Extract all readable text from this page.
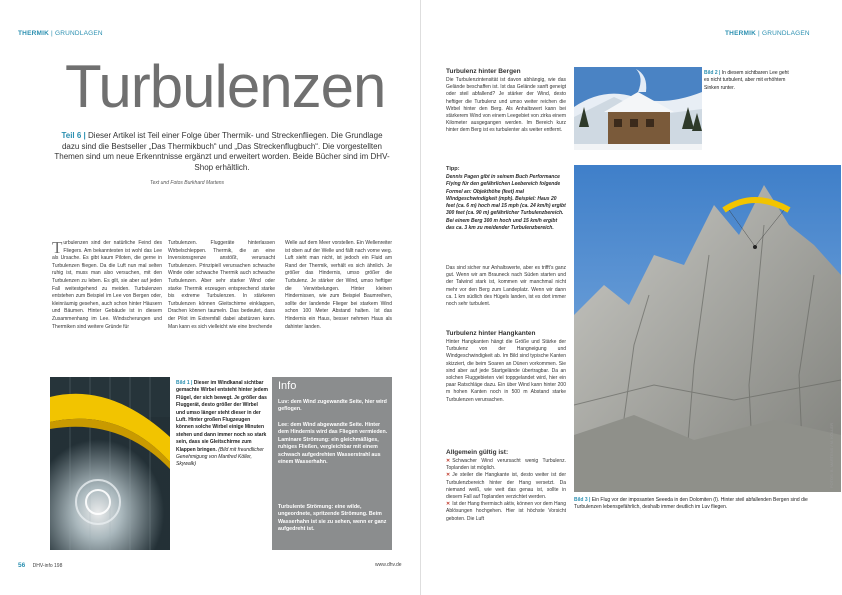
THERMIK | GRUNDLAGEN
Turbulenzen
Teil 6 | Dieser Artikel ist Teil einer Folge über Thermik- und Streckenfliegen. Die Grundlage dazu sind die Bestseller „Das Thermikbuch“ und „Das Streckenflugbuch“. Die vorgestellten Themen sind um neue Erkenntnisse ergänzt und erweitert worden. Beide Bücher sind im DHV-Shop erhältlich.
Text und Fotos Burkhard Martens
Turbulenzen sind der natürliche Feind des Fliegers. Am bekanntesten ist wohl das Lee als Ursache. Es gibt kaum Piloten, die gerne in Turbulenzen fliegen. Da die Luft nun mal selten ruhig ist, muss man also versuchen, mit den Turbulenzen zu leben. Es gilt, sie aber auf jeden Fall weitestgehend zu meiden. Turbulenzen entstehen zum Beispiel im Lee von Bergen oder, kleinräumig gesehen, auch schon hinter Häusern und Bäumen. Hinter Gebäude ist in diesem Zusammenhang im Lee. Windscherungen und Thermiken sind weitere Gründe für
Turbulenzen. Fluggeräte hinterlassen Wirbelschleppen. Thermik, die an eine Inversionsgrenze anstößt, verursacht Turbulenzen. Prinzipiell verursachen schwache Winde oder schwache Thermik auch schwache Turbulenzen. Aber sehr starker Wind oder starke Thermik erzeugen entsprechend starke bis extreme Turbulenzen. In stärkeren Turbulenzen können Gleitschirme einklappen, Drachen können taumeln. Das bedeutet, dass der Pilot im Extremfall dabei abstürzen kann. Man kann es sich vielleicht wie eine brechende
Welle auf dem Meer vorstellen. Ein Wellenreiter ist oben auf der Welle und fällt nach vorne weg. Luft sieht man nicht, ist jedoch ein Fluid am Rand der Thermik, verhält es sich ähnlich. Je größer das Hindernis, umso größer die Turbulenz. Je stärker der Wind, umso heftiger die Verwirbelungen. Hinter kleinen Hindernissen, wie zum Beispiel Baumreihen, sollte der landende Flieger bei starkem Wind schon 100 Meter Abstand halten. Ist das Hindernis ein Haus, besser nehmen Haus als dahinter landen.
Bild 1 | Dieser im Windkanal sichtbar gemachte Wirbel entsteht hinter jedem Flügel, der sich bewegt. Je größer das Fluggerät, desto größer der Wirbel und umso länger steht dieser in der Luft. Hinter großen Flugzeugen können solche Wirbel einige Minuten stehen und dann immer noch so stark sein, dass sie Gleitschirme zum Klappen bringen. (Bild mit freundlicher Genehmigung von Manfred Köller, Skywalk)
Info
Luv: dem Wind zugewandte Seite, hier wird geflogen.
Lee: dem Wind abgewandte Seite. Hinter dem Hindernis wird das Fliegen vermieden. Laminare Strömung: ein gleichmäßiges, ruhiges Fließen, vergleichbar mit einem schwach aufgedrehten Wasserstrahl aus einem Wasserhahn.
Turbulente Strömung: eine wilde, ungeordnete, spritzende Strömung. Beim Wasserhahn ist sie zu sehen, wenn er ganz aufgedreht ist.
56 DHV-info 198	www.dhv.de
THERMIK | GRUNDLAGEN
Turbulenz hinter Bergen
Die Turbulenzintensität ist davon abhängig, wie das Gelände beschaffen ist. Ist das Gelände sanft geneigt oder steil abfallend? Je stärker der Wind, desto heftiger die Turbulenz und umso weiter reichen die Wirbel hinter den Berg. Als Anhaltswert kann bei stärkerem Wind von einem Leegebiet von zirka einem Kilometer ausgegangen werden. Im Bereich kurz hinter dem Berg ist es turbulenter als weiter entfernt.
Tipp:
Dennis Pagen gibt in seinem Buch Performance Flying für den gefährlichen Leebereich folgende Formel an: Objekthöhe (feet) mal Windgeschwindigkeit (mph). Beispiel: Haus 20 feet (ca. 6 m) hoch mal 15 mph (ca. 24 km/h) ergibt 300 feet (ca. 90 m) gefährlicher Turbulenzbereich. Bei einem Berg 300 m hoch und 15 km/h ergibt das ca. 3 km zu meidender Turbulenzbereich.
Das sind sicher nur Anhaltswerte, aber es trifft’s ganz gut. Wenn wir am Brauneck nach Süden starten und der Talwind stark ist, kommen wir manchmal nicht mehr vor den Berg zum Landeplatz. Wenn wir dann ca. 1 km südlich des Hügels landen, ist es dort immer noch sehr turbulent.
Turbulenz hinter Hangkanten
Hinter Hangkanten hängt die Größe und Stärke der Turbulenz von der Hangneigung und Windgeschwindigkeit ab. Im Bild sind typische Kanten skizziert, die beim Soaren an Dünen vorkommen. Sie sind aber auf jede Startgelände übertragbar. Da an solchen Fluggebieten viel toppgelandet wird, hier ein paar Ratschläge dazu. Ein über Wind kann hinter 200 m hohen Kanten noch in 500 m Abstand starke Turbulenzen verursachen.
Allgemein gültig ist:
✕ Schwacher Wind verursacht wenig Turbulenz. Toplanden ist möglich.
✕ Je steiler die Hangkante ist, desto weiter ist der Turbulenzbereich hinter der Hang versetzt. Da niemand weiß, wie weit das genau ist, sollte in diesem Fall auf Toplanden verzichtet werden.
✕ Ist der Hang thermisch aktiv, können vor dem Hang Ablösungen hochgehen. Hier ist höchste Vorsicht geboten. Die Luft
Bild 2 | In diesem sichtbaren Lee geht es nicht turbulent, aber mit erhöhtem Sinken runter.
FOTOS: B. MARTENS / M. KÖLLER
Bild 3 | Ein Flug vor der imposanten Seeeda in den Dolomiten (I). Hinter steil abfallenden Bergen sind die Turbulenzen lebensgefährlich, deshalb immer deutlich im Luv fliegen.
